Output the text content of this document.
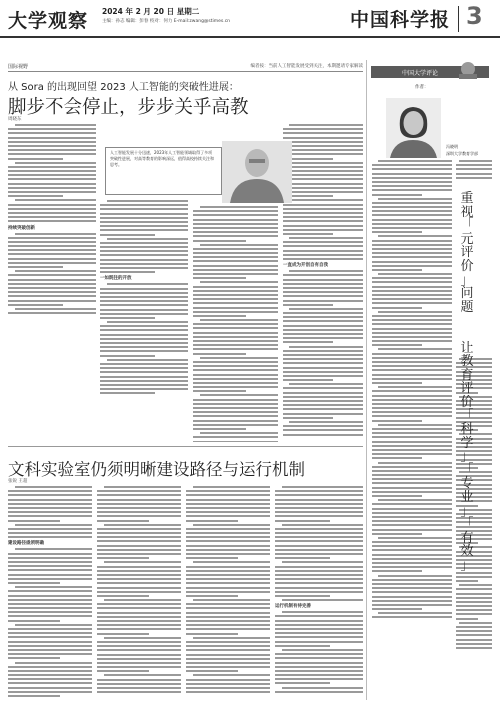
大学观察 2024 年 2 月 20 日 星期二
主编：孙志 编辑：彭春 校对：何力 E-mail:zwang@stimes.cn	中国科学报 3
国际视野	编者按：当前人工智能发展受到关注，本期邀请专家解读
从 Sora 的出现回望 2023 人工智能的突破性进展：
脚步不会停止，步步关乎高教
周晓东
持续突破创新
一如既往的开放
一直成为开创自有自我
人工智能发展十分迅速，2023年人工智能领域取得了多项突破性进展，对高等教育的影响深远，值得高校持续关注和思考。
文科实验室仍须明晰建设路径与运行机制
张锐 王超
建设路径亟须明确
运行机制有待完善
中国大学评论
作者：
冯晓明
深圳大学教育学部
重
视
「
元
评
价
」
问
题

让
教
育
评
价
「
科
学
」
「
专
业
」
「
有
效
」
